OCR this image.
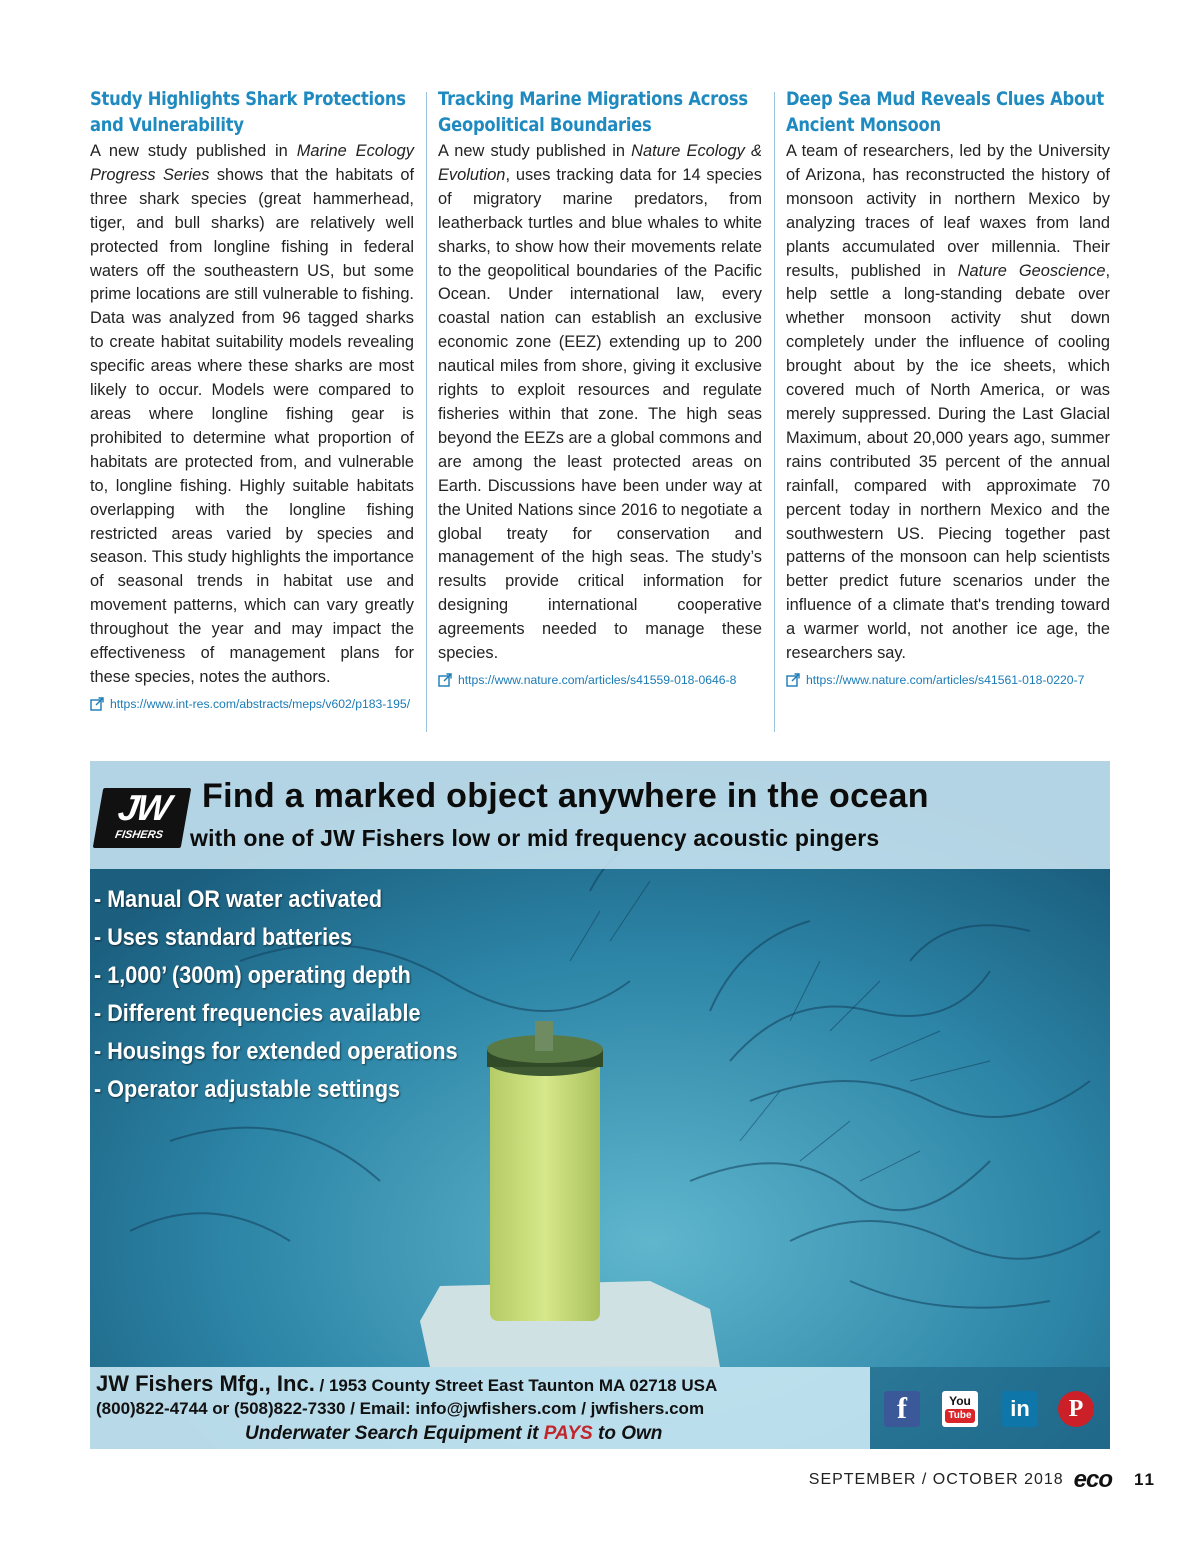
Study Highlights Shark Protections and Vulnerability

A new study published in Marine Ecology Progress Series shows that the habitats of three shark species (great hammerhead, tiger, and bull sharks) are relatively well protected from longline fishing in federal waters off the southeastern US, but some prime locations are still vulnerable to fishing. Data was analyzed from 96 tagged sharks to create habitat suitability models revealing specific areas where these sharks are most likely to occur. Models were compared to areas where longline fishing gear is prohibited to determine what proportion of habitats are protected from, and vulnerable to, longline fishing. Highly suitable habitats overlapping with the longline fishing restricted areas varied by species and season. This study highlights the importance of seasonal trends in habitat use and movement patterns, which can vary greatly throughout the year and may impact the effectiveness of management plans for these species, notes the authors.

https://www.int-res.com/abstracts/meps/v602/p183-195/
Tracking Marine Migrations Across Geopolitical Boundaries

A new study published in Nature Ecology & Evolution, uses tracking data for 14 species of migratory marine predators, from leatherback turtles and blue whales to white sharks, to show how their movements relate to the geopolitical boundaries of the Pacific Ocean. Under international law, every coastal nation can establish an exclusive economic zone (EEZ) extending up to 200 nautical miles from shore, giving it exclusive rights to exploit resources and regulate fisheries within that zone. The high seas beyond the EEZs are a global commons and are among the least protected areas on Earth. Discussions have been under way at the United Nations since 2016 to negotiate a global treaty for conservation and management of the high seas. The study’s results provide critical information for designing international cooperative agreements needed to manage these species.

https://www.nature.com/articles/s41559-018-0646-8
Deep Sea Mud Reveals Clues About Ancient Monsoon

A team of researchers, led by the University of Arizona, has reconstructed the history of monsoon activity in northern Mexico by analyzing traces of leaf waxes from land plants accumulated over millennia. Their results, published in Nature Geoscience, help settle a long-standing debate over whether monsoon activity shut down completely under the influence of cooling brought about by the ice sheets, which covered much of North America, or was merely suppressed. During the Last Glacial Maximum, about 20,000 years ago, summer rains contributed 35 percent of the annual rainfall, compared with approximate 70 percent today in northern Mexico and the southwestern US. Piecing together past patterns of the monsoon can help scientists better predict future scenarios under the influence of a climate that's trending toward a warmer world, not another ice age, the researchers say.

https://www.nature.com/articles/s41561-018-0220-7
JW
FISHERS
Find a marked object anywhere in the ocean
with one of JW Fishers low or mid frequency acoustic pingers
- Manual OR water activated
- Uses standard batteries
- 1,000’ (300m) operating depth
- Different frequencies available
- Housings for extended operations
- Operator adjustable settings
JW Fishers Mfg., Inc. / 1953 County Street East Taunton MA 02718 USA
(800)822-4744 or (508)822-7330 / Email: info@jwfishers.com / jwfishers.com
Underwater Search Equipment it PAYS to Own
f	You
Tube	in	P
SEPTEMBER / OCTOBER 2018 eco 11
